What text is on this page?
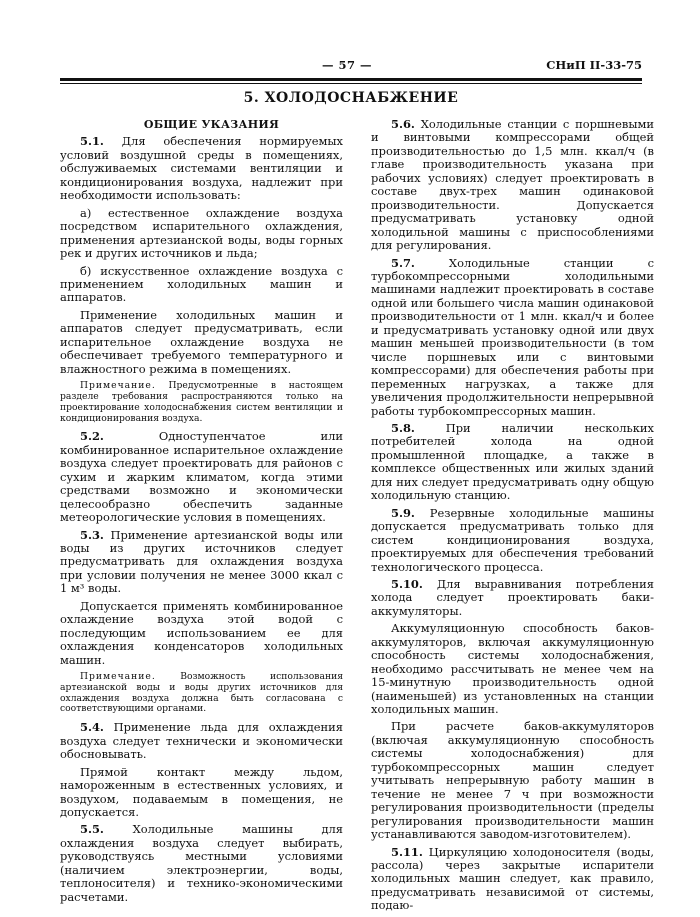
— 57 —	СНиП II-33-75
5. ХОЛОДОСНАБЖЕНИЕ

ОБЩИЕ УКАЗАНИЯ

5.1. Для обеспечения нормируемых условий воздушной среды в помещениях, обслуживаемых системами вентиляции и кондиционирования воздуха, надлежит при необходимости использовать:

а) естественное охлаждение воздуха посредством испарительного охлаждения, применения артезианской воды, воды горных рек и других источников и льда;

б) искусственное охлаждение воздуха с применением холодильных машин и аппаратов.

Применение холодильных машин и аппаратов следует предусматривать, если испарительное охлаждение воздуха не обеспечивает требуемого температурного и влажностного режима в помещениях.

Примечание. Предусмотренные в настоящем разделе требования распространяются только на проектирование холодоснабжения систем вентиляции и кондиционирования воздуха.

5.2.	Одноступенчатое или комбинированное испарительное охлаждение воздуха следует проектировать для районов с сухим и жарким климатом, когда этими средствами возможно и экономически целесообразно обеспечить заданные метеорологические условия в помещениях.

5.3. Применение артезианской воды или воды из других источников следует предусматривать для охлаждения воздуха при условии получения не менее 3000 ккал с 1 м³ воды.

Допускается применять комбинированное охлаждение воздуха этой водой с последующим использованием ее для охлаждения конденсаторов холодильных машин.

Примечание.	Возможность использования артезианской воды и воды других источников для охлаждения воздуха должна быть согласована с соответствующими органами.

5.4. Применение льда для охлаждения воздуха следует технически и экономически обосновывать.

Прямой контакт между льдом, намороженным в естественных условиях, и воздухом, подаваемым в помещения, не допускается.

5.5.	Холодильные машины для охлаждения воздуха следует выбирать, руководствуясь местными условиями (наличием электроэнергии, воды, теплоносителя) и технико-экономическими расчетами.

5.6. Холодильные станции с поршневыми и винтовыми компрессорами общей производительностью до 1,5 млн. ккал/ч (в главе производительность указана при рабочих условиях) следует проектировать в составе двух-трех машин одинаковой производительности. Допускается предусматривать установку одной холодильной машины с приспособлениями для регулирования.

5.7.	Холодильные станции с турбокомпрессорными холодильными машинами надлежит проектировать в составе одной или большего числа машин одинаковой производительности от 1 млн. ккал/ч и более и предусматривать установку одной или двух машин меньшей производительности (в том числе поршневых или с винтовыми компрессорами) для обеспечения работы при переменных нагрузках, а также для увеличения продолжительности непрерывной работы турбокомпрессорных машин.

5.8.	При наличии нескольких потребителей холода на одной промышленной площадке, а также в комплексе общественных или жилых зданий для них следует предусматривать одну общую холодильную станцию.

5.9. Резервные холодильные машины допускается предусматривать только для систем кондиционирования воздуха, проектируемых для обеспечения требований технологического процесса.

5.10. Для выравнивания потребления холода следует проектировать баки-аккумуляторы.

Аккумуляционную способность баков-аккумуляторов, включая аккумуляционную способность системы холодоснабжения, необходимо рассчитывать не менее чем на 15-минутную производительность одной (наименьшей) из установленных на станции холодильных машин.

При расчете баков-аккумуляторов (включая аккумуляционную способность системы холодоснабжения) для турбокомпрессорных машин следует учитывать непрерывную работу машин в течение не менее 7 ч при возможности регулирования производительности (пределы регулирования производительности машин устанавливаются заводом-изготовителем).

5.11. Циркуляцию холодоносителя (воды, рассола) через закрытые испарители холодильных машин следует, как правило, предусматривать независимой от системы, подаю-
